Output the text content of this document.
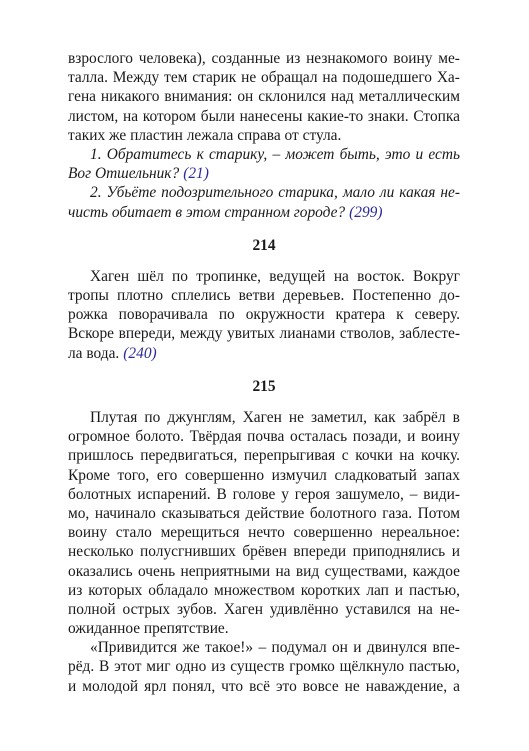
взрослого человека), созданные из незнакомого воину ме-
талла. Между тем старик не обращал на подошедшего Ха-
гена никакого внимания: он склонился над металлическим
листом, на котором были нанесены какие-то знаки. Стопка
таких же пластин лежала справа от стула.
1. Обратитесь к старику, – может быть, это и есть
Вог Отшельник? (21)
2. Убьёте подозрительного старика, мало ли какая не-
чисть обитает в этом странном городе? (299)
214
Хаген шёл по тропинке, ведущей на восток. Вокруг
тропы плотно сплелись ветви деревьев. Постепенно до-
рожка поворачивала по окружности кратера к северу.
Вскоре впереди, между увитых лианами стволов, заблесте-
ла вода. (240)
215
Плутая по джунглям, Хаген не заметил, как забрёл в
огромное болото. Твёрдая почва осталась позади, и воину
пришлось передвигаться, перепрыгивая с кочки на кочку.
Кроме того, его совершенно измучил сладковатый запах
болотных испарений. В голове у героя зашумело, – види-
мо, начинало сказываться действие болотного газа. Потом
воину стало мерещиться нечто совершенно нереальное:
несколько полусгнивших брёвен впереди приподнялись и
оказались очень неприятными на вид существами, каждое
из которых обладало множеством коротких лап и пастью,
полной острых зубов. Хаген удивлённо уставился на не-
ожиданное препятствие.
«Привидится же такое!» – подумал он и двинулся впе-
рёд. В этот миг одно из существ громко щёлкнуло пастью,
и молодой ярл понял, что всё это вовсе не наваждение, а
